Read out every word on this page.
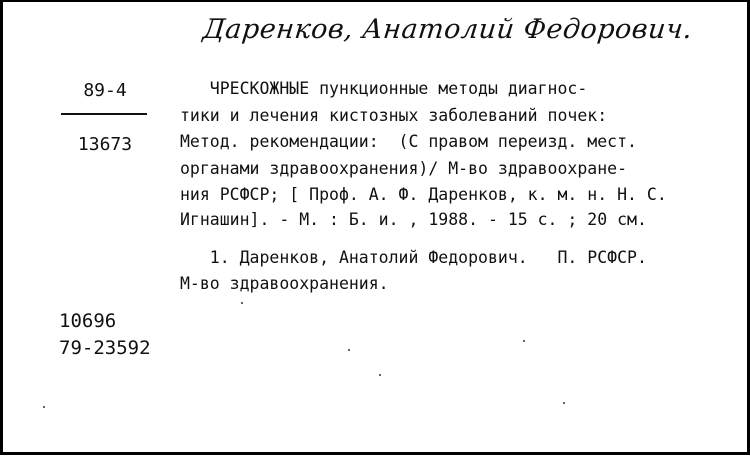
Даренков, Анатолий Федорович.
89-4
13673
ЧРЕСКОЖНЫЕ пункционные методы диагнос-
тики и лечения кистозных заболеваний почек:
Метод. рекомендации:  (С правом переизд. мест.
органами здравоохранения)/ М-во здравоохране-
ния РСФСР; [ Проф. А. Ф. Даренков, к. м. н. Н. С.
Игнашин]. - М. : Б. и. , 1988. - 15 с. ; 20 см.
1. Даренков, Анатолий Федорович.   П. РСФСР.
М-во здравоохранения.
10696
79-23592
